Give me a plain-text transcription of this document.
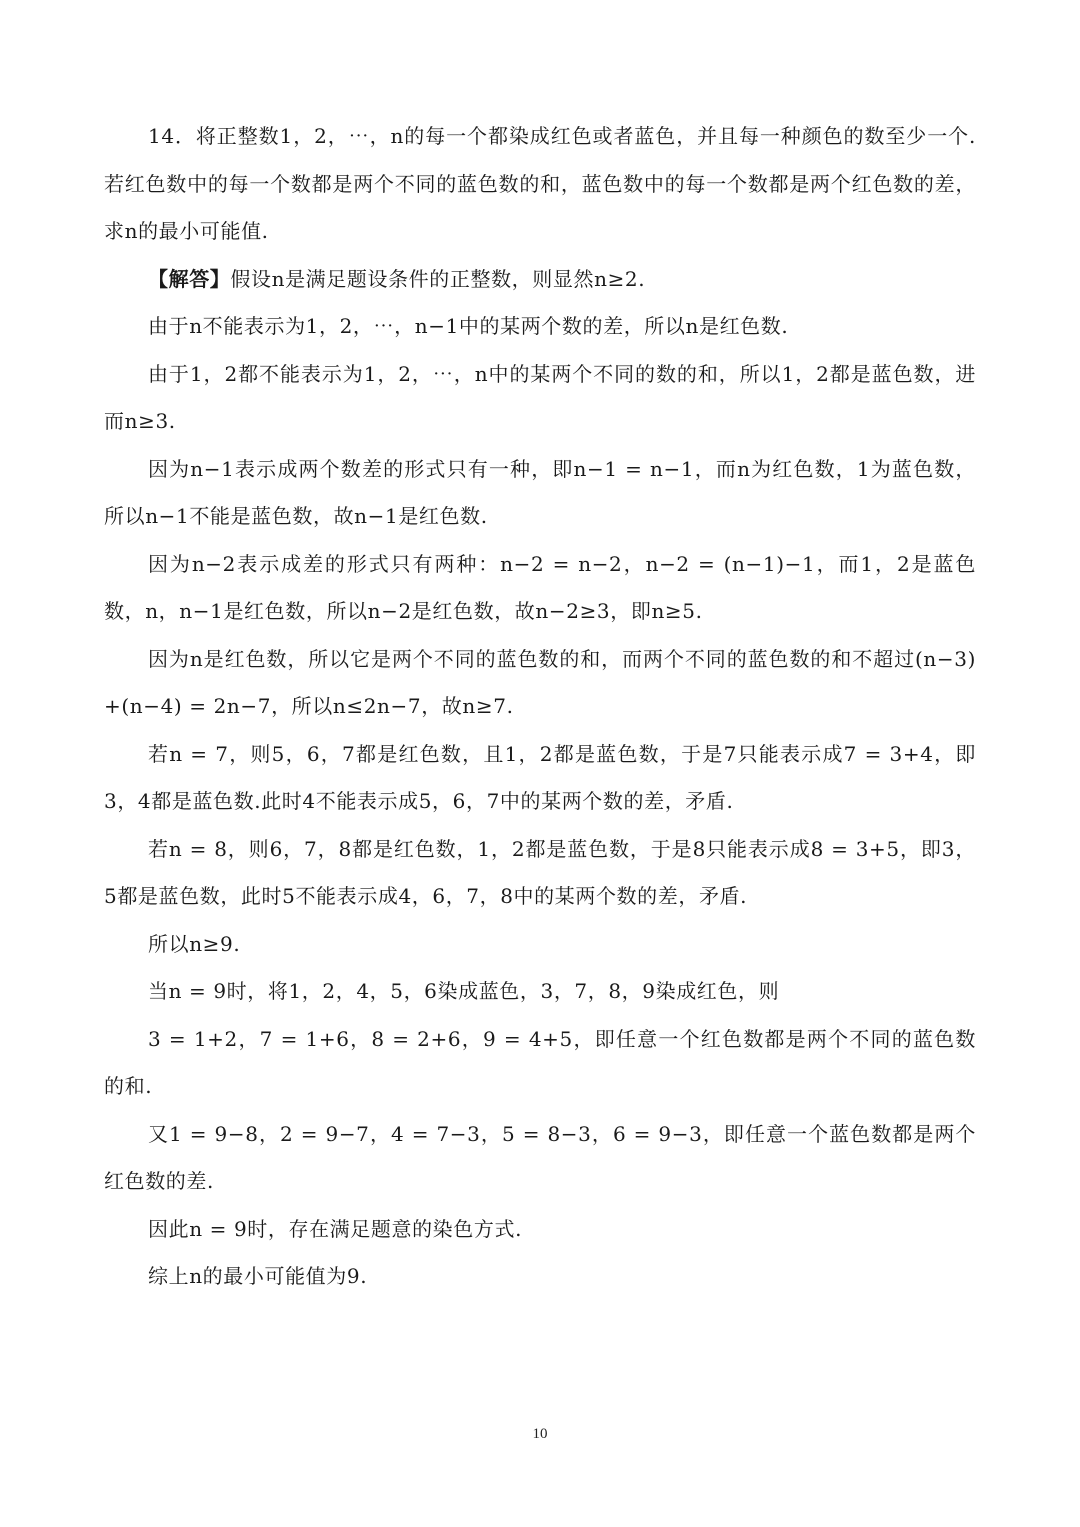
14．将正整数1，2，⋯，n的每一个都染成红色或者蓝色，并且每一种颜色的数至少一个.若红色数中的每一个数都是两个不同的蓝色数的和，蓝色数中的每一个数都是两个红色数的差，求n的最小可能值.

【解答】假设n是满足题设条件的正整数，则显然n≥2.

由于n不能表示为1，2，⋯，n−1中的某两个数的差，所以n是红色数.

由于1，2都不能表示为1，2，⋯，n中的某两个不同的数的和，所以1，2都是蓝色数，进而n≥3.

因为n−1表示成两个数差的形式只有一种，即n−1 = n−1，而n为红色数，1为蓝色数，所以n−1不能是蓝色数，故n−1是红色数.

因为n−2表示成差的形式只有两种：n−2 = n−2，n−2 = (n−1)−1，而1，2是蓝色数，n，n−1是红色数，所以n−2是红色数，故n−2≥3，即n≥5.

因为n是红色数，所以它是两个不同的蓝色数的和，而两个不同的蓝色数的和不超过(n−3)+(n−4) = 2n−7，所以n≤2n−7，故n≥7.

若n = 7，则5，6，7都是红色数，且1，2都是蓝色数，于是7只能表示成7 = 3+4，即3，4都是蓝色数.此时4不能表示成5，6，7中的某两个数的差，矛盾.

若n = 8，则6，7，8都是红色数，1，2都是蓝色数，于是8只能表示成8 = 3+5，即3，5都是蓝色数，此时5不能表示成4，6，7，8中的某两个数的差，矛盾.

所以n≥9.

当n = 9时，将1，2，4，5，6染成蓝色，3，7，8，9染成红色，则

3 = 1+2，7 = 1+6，8 = 2+6，9 = 4+5，即任意一个红色数都是两个不同的蓝色数的和.

又1 = 9−8，2 = 9−7，4 = 7−3，5 = 8−3，6 = 9−3，即任意一个蓝色数都是两个红色数的差.

因此n = 9时，存在满足题意的染色方式.

综上n的最小可能值为9.

10
